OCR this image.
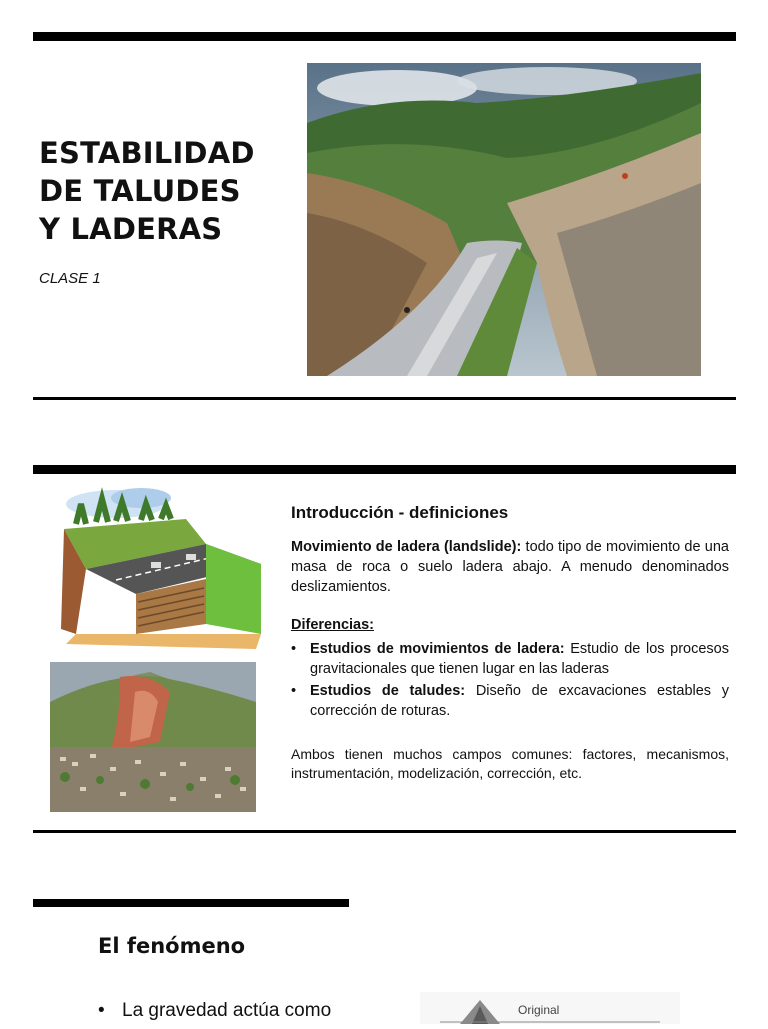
ESTABILIDAD
DE TALUDES
Y LADERAS
CLASE 1
Introducción - definiciones

Movimiento de ladera (landslide): todo tipo de movimiento de una masa de roca o suelo ladera abajo. A menudo denominados deslizamientos.

Diferencias:
• Estudios de movimientos de ladera: Estudio de los procesos gravitacionales que tienen lugar en las laderas
• Estudios de taludes: Diseño de excavaciones estables y corrección de roturas.

Ambos tienen muchos campos comunes: factores, mecanismos, instrumentación, modelización, corrección, etc.

El fenómeno
• La gravedad actúa como	Original
